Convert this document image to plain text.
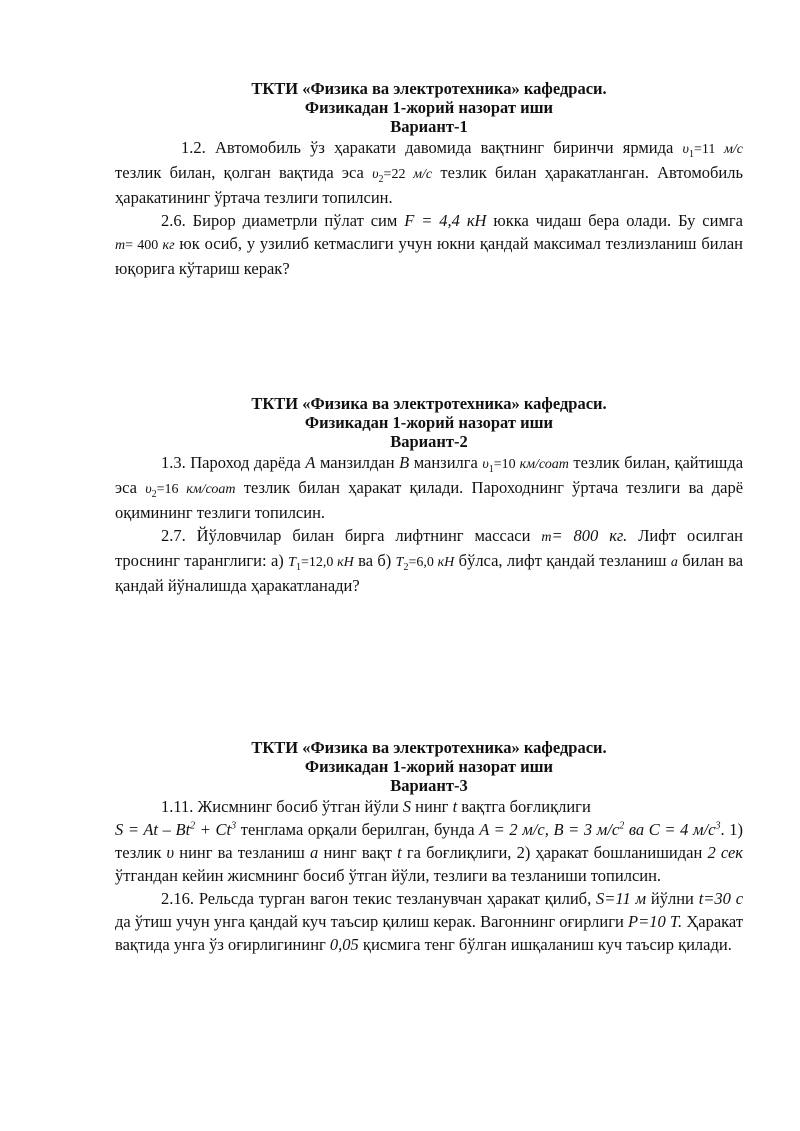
ТКТИ «Физика ва электротехника» кафедраси.
Физикадан 1-жорий назорат иши
Вариант-1

1.2. Автомобиль ўз ҳаракати давомида вақтнинг биринчи ярмида $\upsilon_1=11$ м/с тезлик билан, қолган вақтида эса $\upsilon_2=22$ м/с тезлик билан ҳаракатланган. Автомобиль ҳаракатининг ўртача тезлиги топилсин.

2.6. Бирор диаметрли пўлат сим F = 4,4 кН юкка чидаш бера олади. Бу симга m= 400 кг юк осиб, у узилиб кетмаслиги учун юкни қандай максимал тезлизланиш билан юқорига кўтариш керак?

ТКТИ «Физика ва электротехника» кафедраси.
Физикадан 1-жорий назорат иши
Вариант-2

1.3. Пароход дарёда A манзилдан B манзилга $\upsilon_1=10$ км/соат тезлик билан, қайтишда эса $\upsilon_2=16$ км/соат тезлик билан ҳаракат қилади. Пароходнинг ўртача тезлиги ва дарё оқимининг тезлиги топилсин.

2.7. Йўловчилар билан бирга лифтнинг массаси m= 800 кг. Лифт осилган троснинг таранглиги: а) $T_1=12,0$ кН ва б) $T_2=6,0$ кН бўлса, лифт қандай тезланиш a билан ва қандай йўналишда ҳаракатланади?

ТКТИ «Физика ва электротехника» кафедраси.
Физикадан 1-жорий назорат иши
Вариант-3

1.11. Жисмнинг босиб ўтган йўли S нинг t вақтга боғлиқлиги
$S = At - Bt^2 + Ct^3$ тенглама орқали берилган, бунда A = 2 м/с, B = 3 $м/с^2$ ва C = 4 $м/с^3$. 1) тезлик υ нинг ва тезланиш a нинг вақт t га боғлиқлиги, 2) ҳаракат бошланишидан 2 сек ўтгандан кейин жисмнинг босиб ўтган йўли, тезлиги ва тезланиши топилсин.

2.16. Рельсда турган вагон текис тезланувчан ҳаракат қилиб, S=11 м йўлни t=30 с да ўтиш учун унга қандай куч таъсир қилиш керак. Вагоннинг оғирлиги P=10 Т. Ҳаракат вақтида унга ўз оғирлигининг 0,05 қисмига тенг бўлган ишқаланиш куч таъсир қилади.
